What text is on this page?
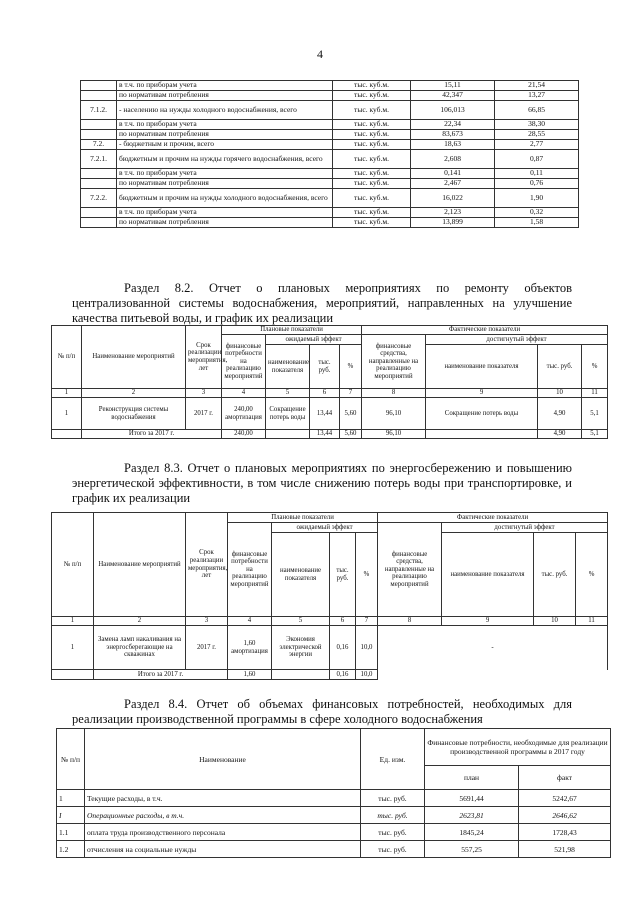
4
	в т.ч. по приборам учета	тыс. куб.м.	15,11	21,54
	по нормативам потребления	тыс. куб.м.	42,347	13,27
7.1.2.	- населению на нужды холодного водоснабжения, всего	тыс. куб.м.	106,013	66,85
	в т.ч. по приборам учета	тыс. куб.м.	22,34	38,30
	по нормативам потребления	тыс. куб.м.	83,673	28,55
7.2.	- бюджетным и прочим, всего	тыс. куб.м.	18,63	2,77
7.2.1.	бюджетным и прочим на нужды горячего водоснабжения, всего	тыс. куб.м.	2,608	0,87
	в т.ч. по приборам учета	тыс. куб.м.	0,141	0,11
	по нормативам потребления	тыс. куб.м.	2,467	0,76
7.2.2.	бюджетным и прочим на нужды холодного водоснабжения, всего	тыс. куб.м.	16,022	1,90
	в т.ч. по приборам учета	тыс. куб.м.	2,123	0,32
	по нормативам потребления	тыс. куб.м.	13,899	1,58
Раздел 8.2. Отчет о плановых мероприятиях по ремонту объектов централизованной системы водоснабжения, мероприятий, направленных на улучшение качества питьевой воды, и график их реализации
№ п/п	Наименование мероприятий	Срок реализации мероприятия, лет	Плановые показатели				Фактические показатели			
			финансовые потребности на реализацию мероприятий	ожидаемый эффект			финансовые средства, направленные на реализацию мероприятий	достигнутый эффект		
				наименование показателя	тыс. руб.	%		наименование показателя	тыс. руб.	%
1	2	3	4	5	6	7	8	9	10	11
1	Реконструкция системы водоснабжения	2017 г.	240,00 амортизация	Сокращение потерь воды	13,44	5,60	96,10	Сокращение потерь воды	4,90	5,1
	Итого за 2017 г.		240,00		13,44	5,60	96,10		4,90	5,1
Раздел 8.3. Отчет о плановых мероприятиях по энергосбережению и повышению энергетической эффективности, в том числе снижению потерь воды при транспортировке, и график их реализации
№ п/п	Наименование мероприятий	Срок реализации мероприятия, лет	Плановые показатели				Фактические показатели			
			финансовые потребности на реализацию мероприятий	ожидаемый эффект			финансовые средства, направленные на реализацию мероприятий	достигнутый эффект		
				наименование показателя	тыс. руб.	%		наименование показателя	тыс. руб.	%
1	2	3	4	5	6	7	8	9	10	11
1	Замена ламп накаливания на энергосберегающие на скважинах	2017 г.	1,60 амортизация	Экономия электрической энергии	0,16	10,0	-			
	Итого за 2017 г.		1,60		0,16	10,0				
Раздел 8.4. Отчет об объемах финансовых потребностей, необходимых для реализации производственной программы в сфере холодного водоснабжения
№ п/п	Наименование	Ед. изм.	Финансовые потребности, необходимые для реализации производственной программы в 2017 году	
			план	факт
1	Текущие расходы, в т.ч.	тыс. руб.	5691,44	5242,67
I	Операционные расходы, в т.ч.	тыс. руб.	2623,81	2646,62
1.1	оплата труда производственного персонала	тыс. руб.	1845,24	1728,43
1.2	отчисления на социальные нужды	тыс. руб.	557,25	521,98
